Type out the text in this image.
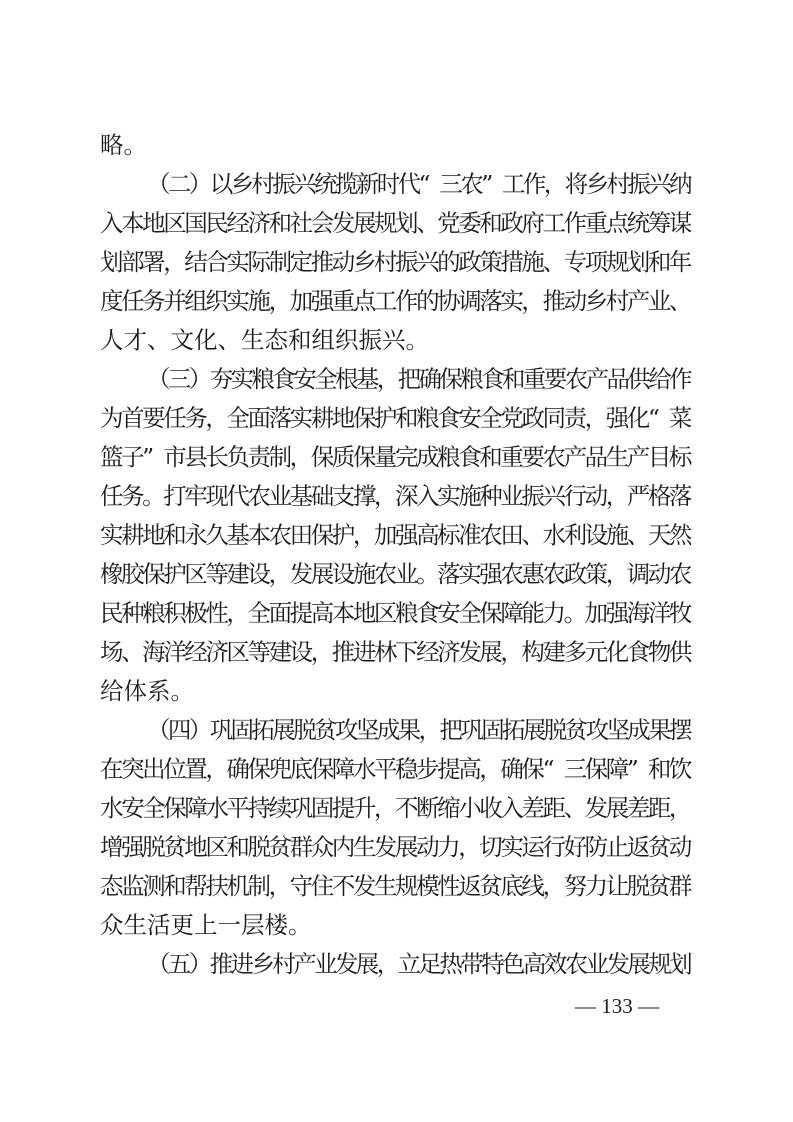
略 。
（
二
）
以
乡
村
振
兴
统
揽
新
时
代
“ 三
农
” 工
作
，
将
乡
村
振
兴
纳
入
本
地
区
国
民
经
济
和
社
会
发
展
规
划
、
党
委
和
政
府
工
作
重
点
统
筹
谋
划
部
署
，
结
合
实
际
制
定
推
动
乡
村
振
兴
的
政
策
措
施
、
专
项
规
划
和
年
度
任
务
并
组
织
实
施
，
加
强
重
点
工
作
的
协
调
落
实
，
推
动
乡
村
产
业
、
人 才 、 文 化 、 生 态 和 组 织 振 兴 。
（
三
）
夯
实
粮
食
安
全
根
基
，
把
确
保
粮
食
和
重
要
农
产
品
供
给
作
为
首
要
任
务
，
全
面
落
实
耕
地
保
护
和
粮
食
安
全
党
政
同
责
，
强
化
“ 菜
篮
子
” 市
县
长
负
责
制
，
保
质
保
量
完
成
粮
食
和
重
要
农
产
品
生
产
目
标
任
务
。
打
牢
现
代
农
业
基
础
支
撑
，
深
入
实
施
种
业
振
兴
行
动
，
严
格
落
实
耕
地
和
永
久
基
本
农
田
保
护
，
加
强
高
标
准
农
田
、
水
利
设
施
、
天
然
橡
胶
保
护
区
等
建
设
，
发
展
设
施
农
业
。
落
实
强
农
惠
农
政
策
，
调
动
农
民
种
粮
积
极
性
，
全
面
提
高
本
地
区
粮
食
安
全
保
障
能
力
。
加
强
海
洋
牧
场
、
海
洋
经
济
区
等
建
设
，
推
进
林
下
经
济
发
展
，
构
建
多
元
化
食
物
供
给 体 系 。
（
四
）
巩
固
拓
展
脱
贫
攻
坚
成
果
，
把
巩
固
拓
展
脱
贫
攻
坚
成
果
摆
在
突
出
位
置
，
确
保
兜
底
保
障
水
平
稳
步
提
高
，
确
保
“ 三
保
障
” 和
饮
水
安
全
保
障
水
平
持
续
巩
固
提
升
，
不
断
缩
小
收
入
差
距
、
发
展
差
距
，
增
强
脱
贫
地
区
和
脱
贫
群
众
内
生
发
展
动
力
，
切
实
运
行
好
防
止
返
贫
动
态
监
测
和
帮
扶
机
制
，
守
住
不
发
生
规
模
性
返
贫
底
线
，
努
力
让
脱
贫
群
众 生 活 更 上 一 层 楼 。
（
五
）
推
进
乡
村
产
业
发
展
，
立
足
热
带
特
色
高
效
农
业
发
展
规
划
— 133 —
